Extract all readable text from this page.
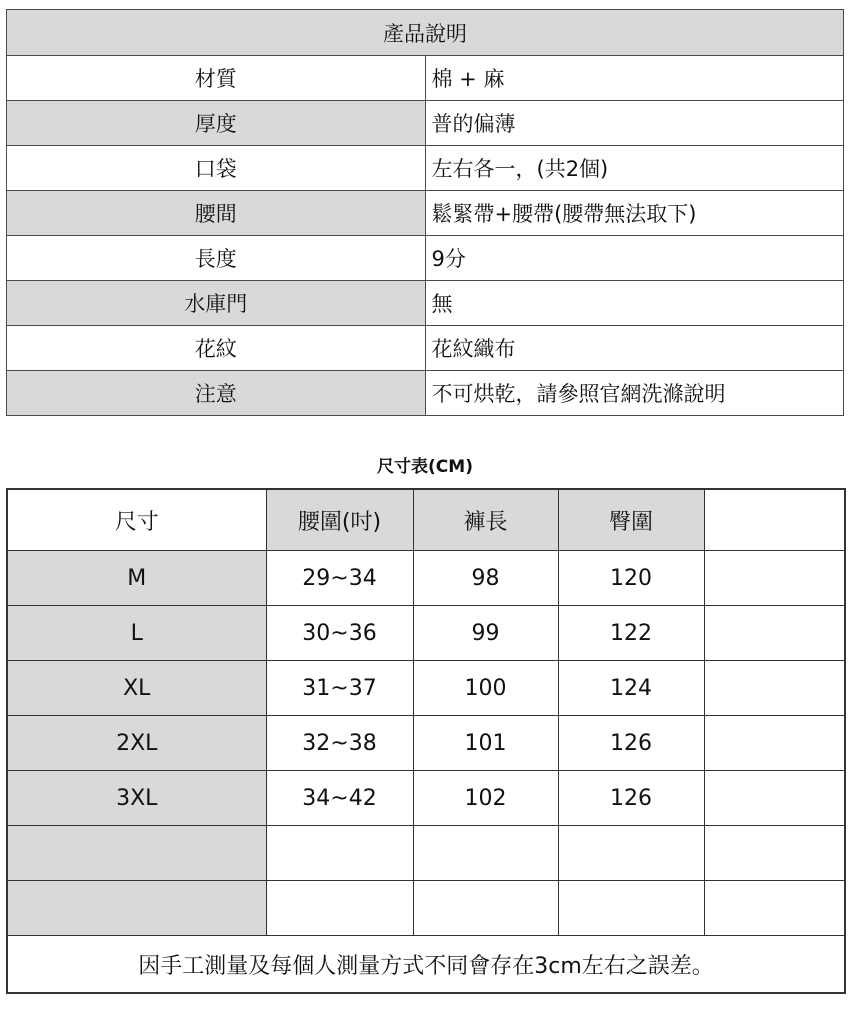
產品說明	
材質	棉 + 麻
厚度	普的偏薄
口袋	左右各一，(共2個)
腰間	鬆緊帶+腰帶(腰帶無法取下)
長度	9分
水庫門	無
花紋	花紋織布
注意	不可烘乾，請參照官網洗滌說明
尺寸表(CM)
尺寸	腰圍(吋)	褲長	臀圍	
M	29~34	98	120	
L	30~36	99	122	
XL	31~37	100	124	
2XL	32~38	101	126	
3XL	34~42	102	126	

因手工測量及每個人測量方式不同會存在3cm左右之誤差。				
